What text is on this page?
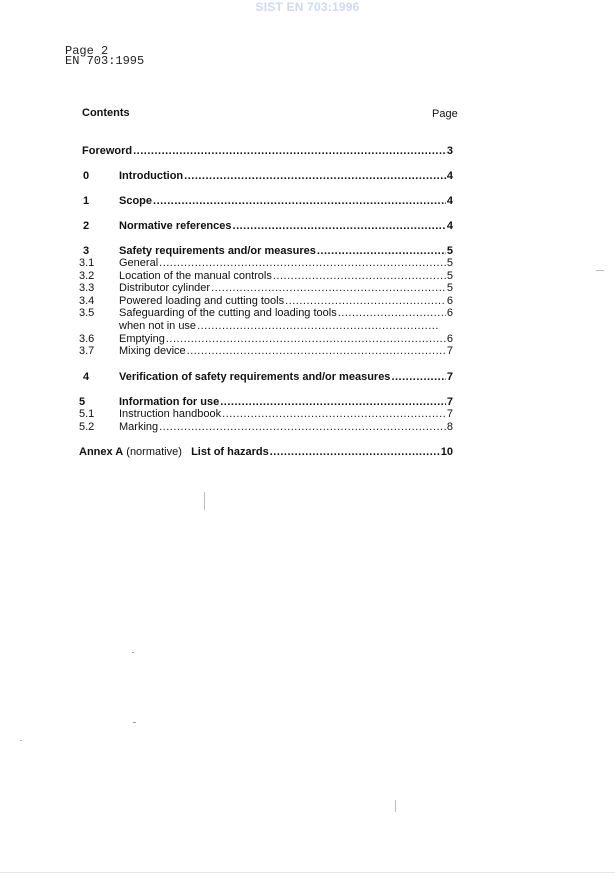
SIST EN 703:1996
Page 2
EN 703:1995
Contents	Page
Foreword .....	3
0	Introduction .....	4
1	Scope .....	4
2	Normative references .....	4
3	Safety requirements and/or measures .....	5
3.1 General .....	5
3.2 Location of the manual controls .....	5
3.3 Distributor cylinder .....	5
3.4 Powered loading and cutting tools .....	6
3.5 Safeguarding of the cutting and loading tools .....	6
when not in use
.....
3.6 Emptying .....	6
3.7 Mixing device .....	7
4	Verification of safety requirements and/or measures .....	7
5	Information for use .....	7
5.1 Instruction handbook .....	7
5.2 Marking .....	8
Annex A (normative) List of hazards .....	10
